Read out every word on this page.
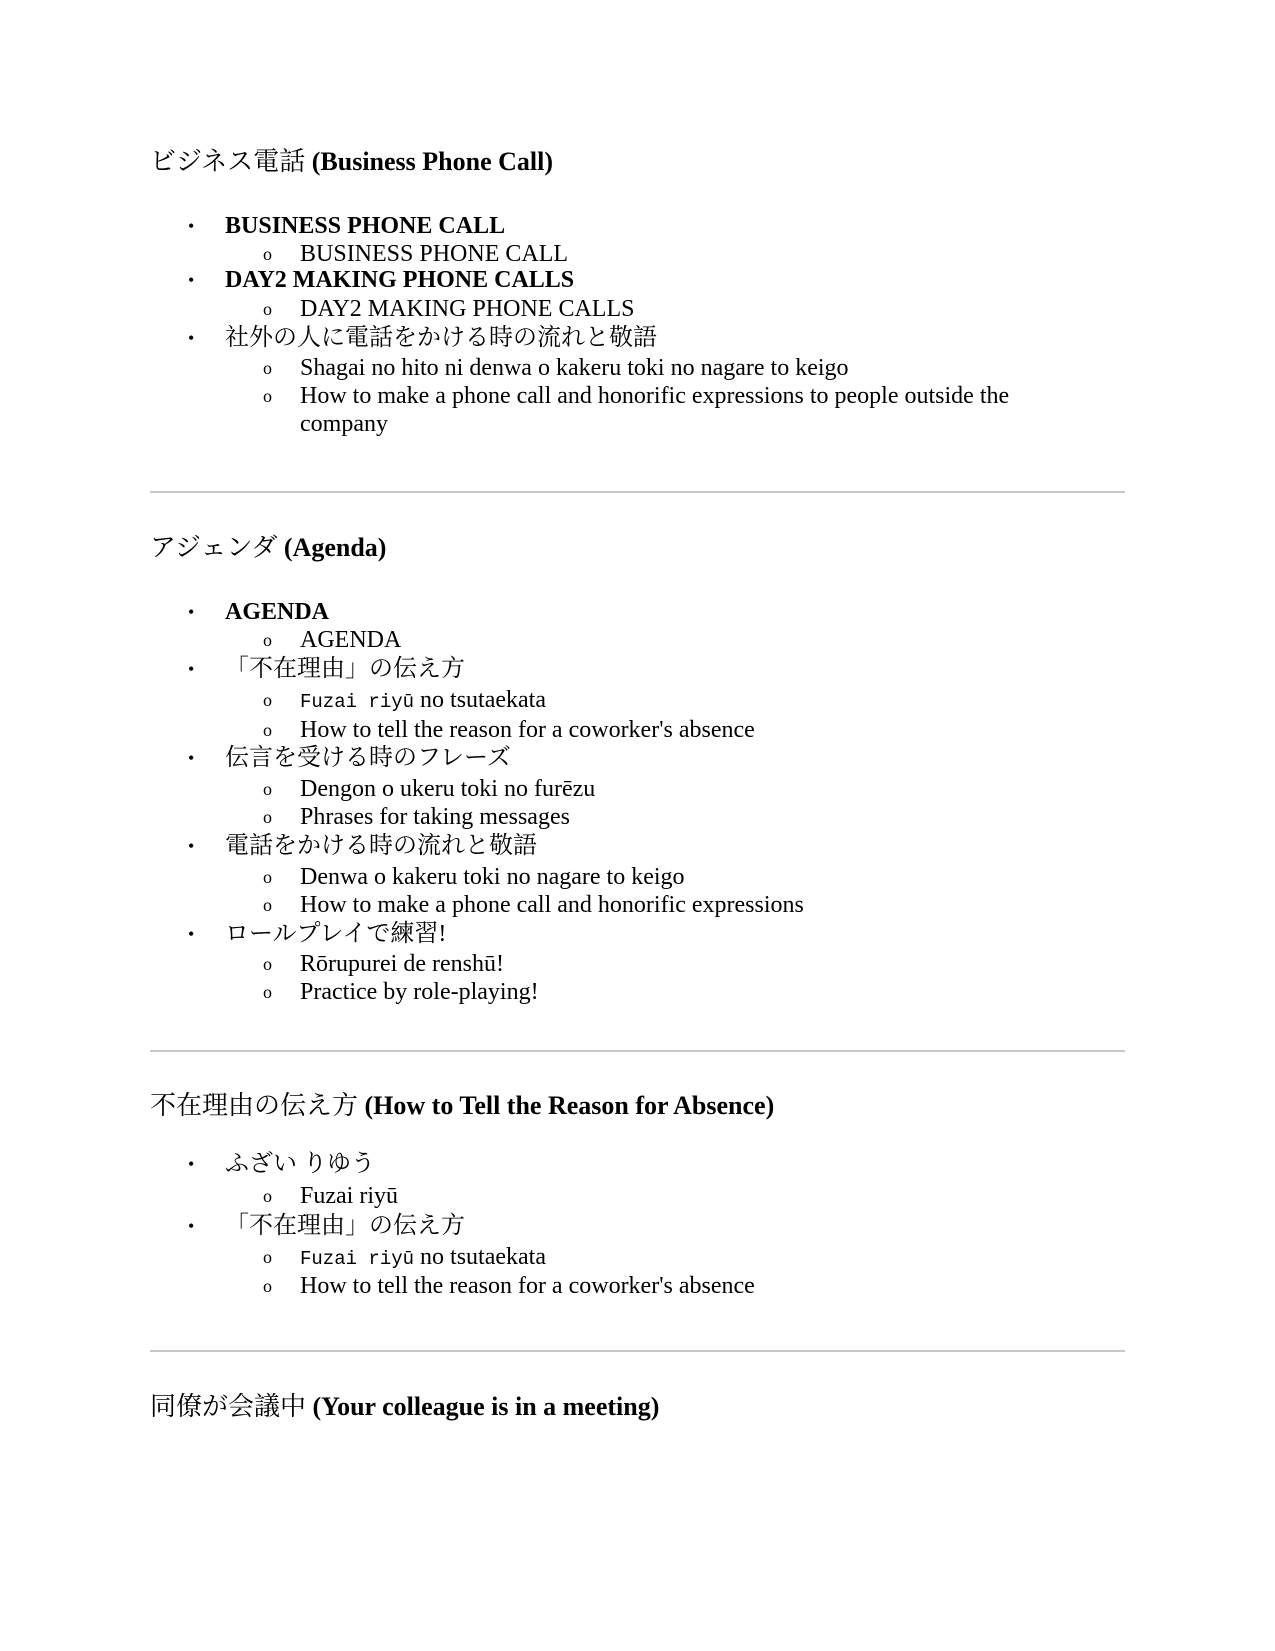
ビジネス電話 (Business Phone Call)
• BUSINESS PHONE CALL
o BUSINESS PHONE CALL
• DAY2 MAKING PHONE CALLS
o DAY2 MAKING PHONE CALLS
• 社外の人に電話をかける時の流れと敬語
o Shagai no hito ni denwa o kakeru toki no nagare to keigo
o How to make a phone call and honorific expressions to people outside the company
アジェンダ (Agenda)
• AGENDA
o AGENDA
• 「不在理由」の伝え方
o Fuzai riyū no tsutaekata
o How to tell the reason for a coworker's absence
• 伝言を受ける時のフレーズ
o Dengon o ukeru toki no furēzu
o Phrases for taking messages
• 電話をかける時の流れと敬語
o Denwa o kakeru toki no nagare to keigo
o How to make a phone call and honorific expressions
• ロールプレイで練習!
o Rōrupurei de renshū!
o Practice by role-playing!
不在理由の伝え方 (How to Tell the Reason for Absence)
• ふざい りゆう
o Fuzai riyū
• 「不在理由」の伝え方
o Fuzai riyū no tsutaekata
o How to tell the reason for a coworker's absence
同僚が会議中 (Your colleague is in a meeting)
